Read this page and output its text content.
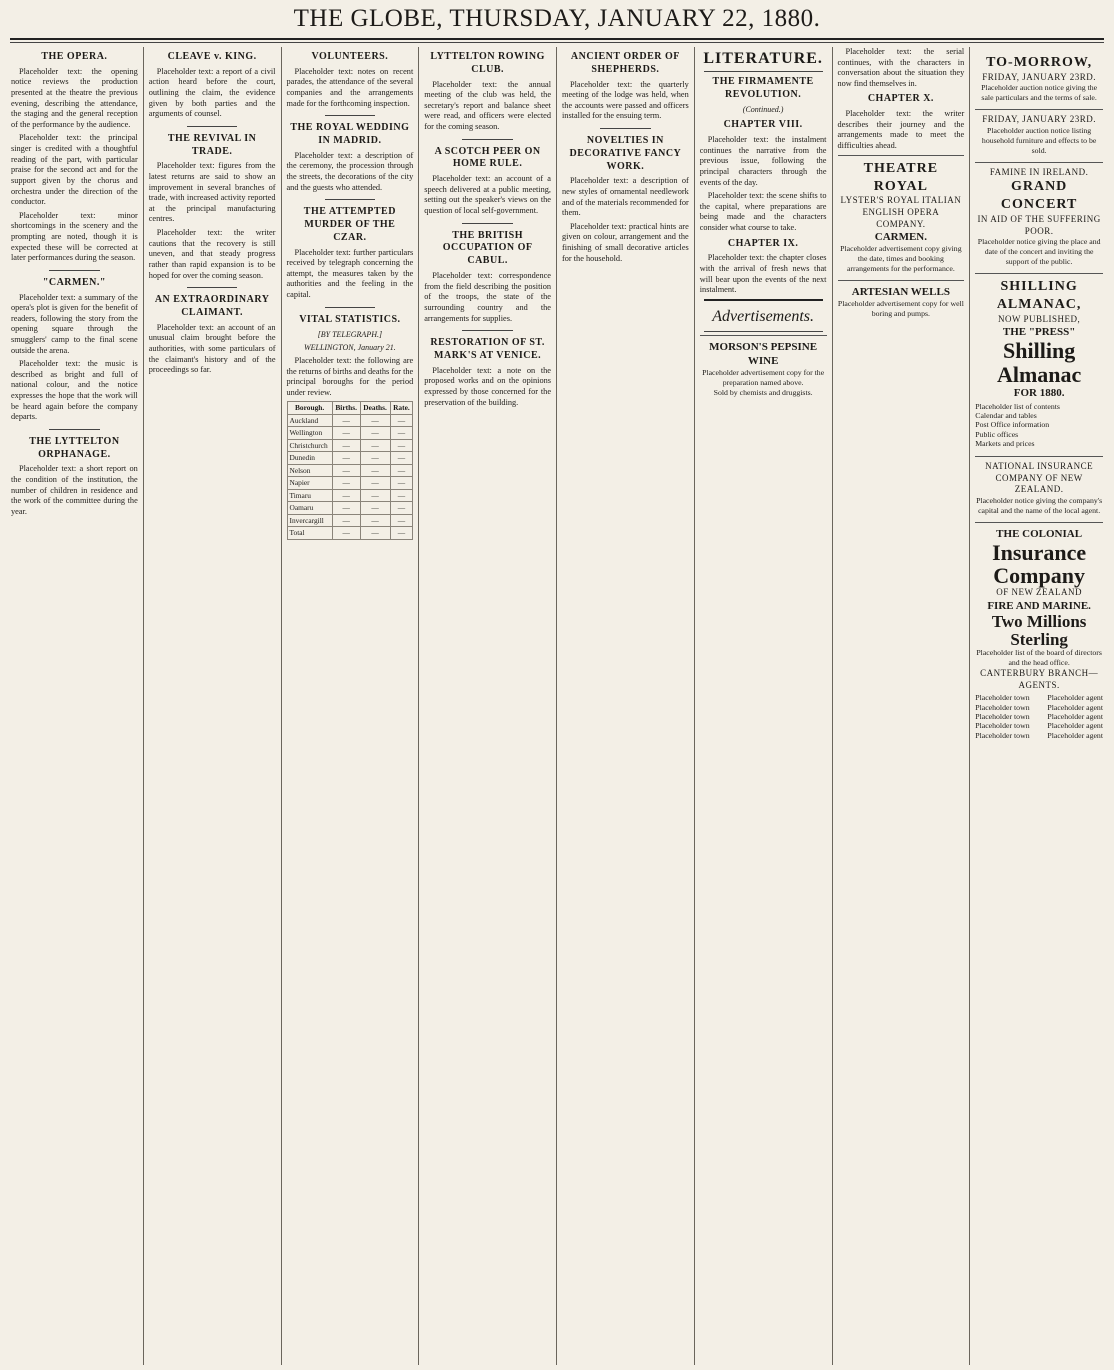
THE GLOBE, THURSDAY, JANUARY 22, 1880.
THE OPERA.

Placeholder text: the opening notice reviews the production presented at the theatre the previous evening, describing the attendance, the staging and the general reception of the performance by the audience.

Placeholder text: the principal singer is credited with a thoughtful reading of the part, with particular praise for the second act and for the support given by the chorus and orchestra under the direction of the conductor.

Placeholder text: minor shortcomings in the scenery and the prompting are noted, though it is expected these will be corrected at later performances during the season.

"CARMEN."

Placeholder text: a summary of the opera's plot is given for the benefit of readers, following the story from the opening square through the smugglers' camp to the final scene outside the arena.

Placeholder text: the music is described as bright and full of national colour, and the notice expresses the hope that the work will be heard again before the company departs.

THE LYTTELTON ORPHANAGE.

Placeholder text: a short report on the condition of the institution, the number of children in residence and the work of the committee during the year.

CLEAVE v. KING.

Placeholder text: a report of a civil action heard before the court, outlining the claim, the evidence given by both parties and the arguments of counsel.

THE REVIVAL IN TRADE.

Placeholder text: figures from the latest returns are said to show an improvement in several branches of trade, with increased activity reported at the principal manufacturing centres.

Placeholder text: the writer cautions that the recovery is still uneven, and that steady progress rather than rapid expansion is to be hoped for over the coming season.

AN EXTRAORDINARY CLAIMANT.

Placeholder text: an account of an unusual claim brought before the authorities, with some particulars of the claimant's history and of the proceedings so far.

VOLUNTEERS.

Placeholder text: notes on recent parades, the attendance of the several companies and the arrangements made for the forthcoming inspection.

THE ROYAL WEDDING IN MADRID.

Placeholder text: a description of the ceremony, the procession through the streets, the decorations of the city and the guests who attended.

THE ATTEMPTED MURDER OF THE CZAR.

Placeholder text: further particulars received by telegraph concerning the attempt, the measures taken by the authorities and the feeling in the capital.

VITAL STATISTICS.
[BY TELEGRAPH.]
WELLINGTON, January 21.

Placeholder text: the following are the returns of births and deaths for the principal boroughs for the period under review.

Borough.	Births.	Deaths.	Rate.
Auckland	—	—	—
Wellington	—	—	—
Christchurch	—	—	—
Dunedin	—	—	—
Nelson	—	—	—
Napier	—	—	—
Timaru	—	—	—
Oamaru	—	—	—
Invercargill	—	—	—
Total	—	—	—
LYTTELTON ROWING CLUB.

Placeholder text: the annual meeting of the club was held, the secretary's report and balance sheet were read, and officers were elected for the coming season.

A SCOTCH PEER ON HOME RULE.

Placeholder text: an account of a speech delivered at a public meeting, setting out the speaker's views on the question of local self-government.

THE BRITISH OCCUPATION OF CABUL.

Placeholder text: correspondence from the field describing the position of the troops, the state of the surrounding country and the arrangements for supplies.

RESTORATION OF ST. MARK'S AT VENICE.

Placeholder text: a note on the proposed works and on the opinions expressed by those concerned for the preservation of the building.

ANCIENT ORDER OF SHEPHERDS.

Placeholder text: the quarterly meeting of the lodge was held, when the accounts were passed and officers installed for the ensuing term.

NOVELTIES IN DECORATIVE FANCY WORK.

Placeholder text: a description of new styles of ornamental needlework and of the materials recommended for them.

Placeholder text: practical hints are given on colour, arrangement and the finishing of small decorative articles for the household.

LITERATURE.
THE FIRMAMENTE REVOLUTION.
(Continued.)
CHAPTER VIII.

Placeholder text: the instalment continues the narrative from the previous issue, following the principal characters through the events of the day.

Placeholder text: the scene shifts to the capital, where preparations are being made and the characters consider what course to take.

CHAPTER IX.

Placeholder text: the chapter closes with the arrival of fresh news that will bear upon the events of the next instalment.

Advertisements.
MORSON'S PEPSINE WINE
Placeholder advertisement copy for the preparation named above.
Sold by chemists and druggists.

Placeholder text: the serial continues, with the characters in conversation about the situation they now find themselves in.

CHAPTER X.

Placeholder text: the writer describes their journey and the arrangements made to meet the difficulties ahead.

THEATRE ROYAL
LYSTER'S ROYAL ITALIAN ENGLISH OPERA COMPANY.
CARMEN.
Placeholder advertisement copy giving the date, times and booking arrangements for the performance.
ARTESIAN WELLS
Placeholder advertisement copy for well boring and pumps.
TO-MORROW,
FRIDAY, JANUARY 23RD.
Placeholder auction notice giving the sale particulars and the terms of sale.
FRIDAY, JANUARY 23RD.
Placeholder auction notice listing household furniture and effects to be sold.
FAMINE IN IRELAND.
GRAND CONCERT
IN AID OF THE SUFFERING POOR.
Placeholder notice giving the place and date of the concert and inviting the support of the public.
SHILLING ALMANAC,
NOW PUBLISHED,
THE "PRESS"
Shilling Almanac
FOR 1880.
Placeholder list of contents
Calendar and tables
Post Office information
Public offices
Markets and prices
NATIONAL INSURANCE COMPANY OF NEW ZEALAND.
Placeholder notice giving the company's capital and the name of the local agent.
THE COLONIAL
Insurance Company
OF NEW ZEALAND
FIRE AND MARINE.
Two Millions Sterling
Placeholder list of the board of directors and the head office.
CANTERBURY BRANCH—AGENTS.
Placeholder town Placeholder agent
Placeholder town Placeholder agent
Placeholder town Placeholder agent
Placeholder town Placeholder agent
Placeholder town Placeholder agent
